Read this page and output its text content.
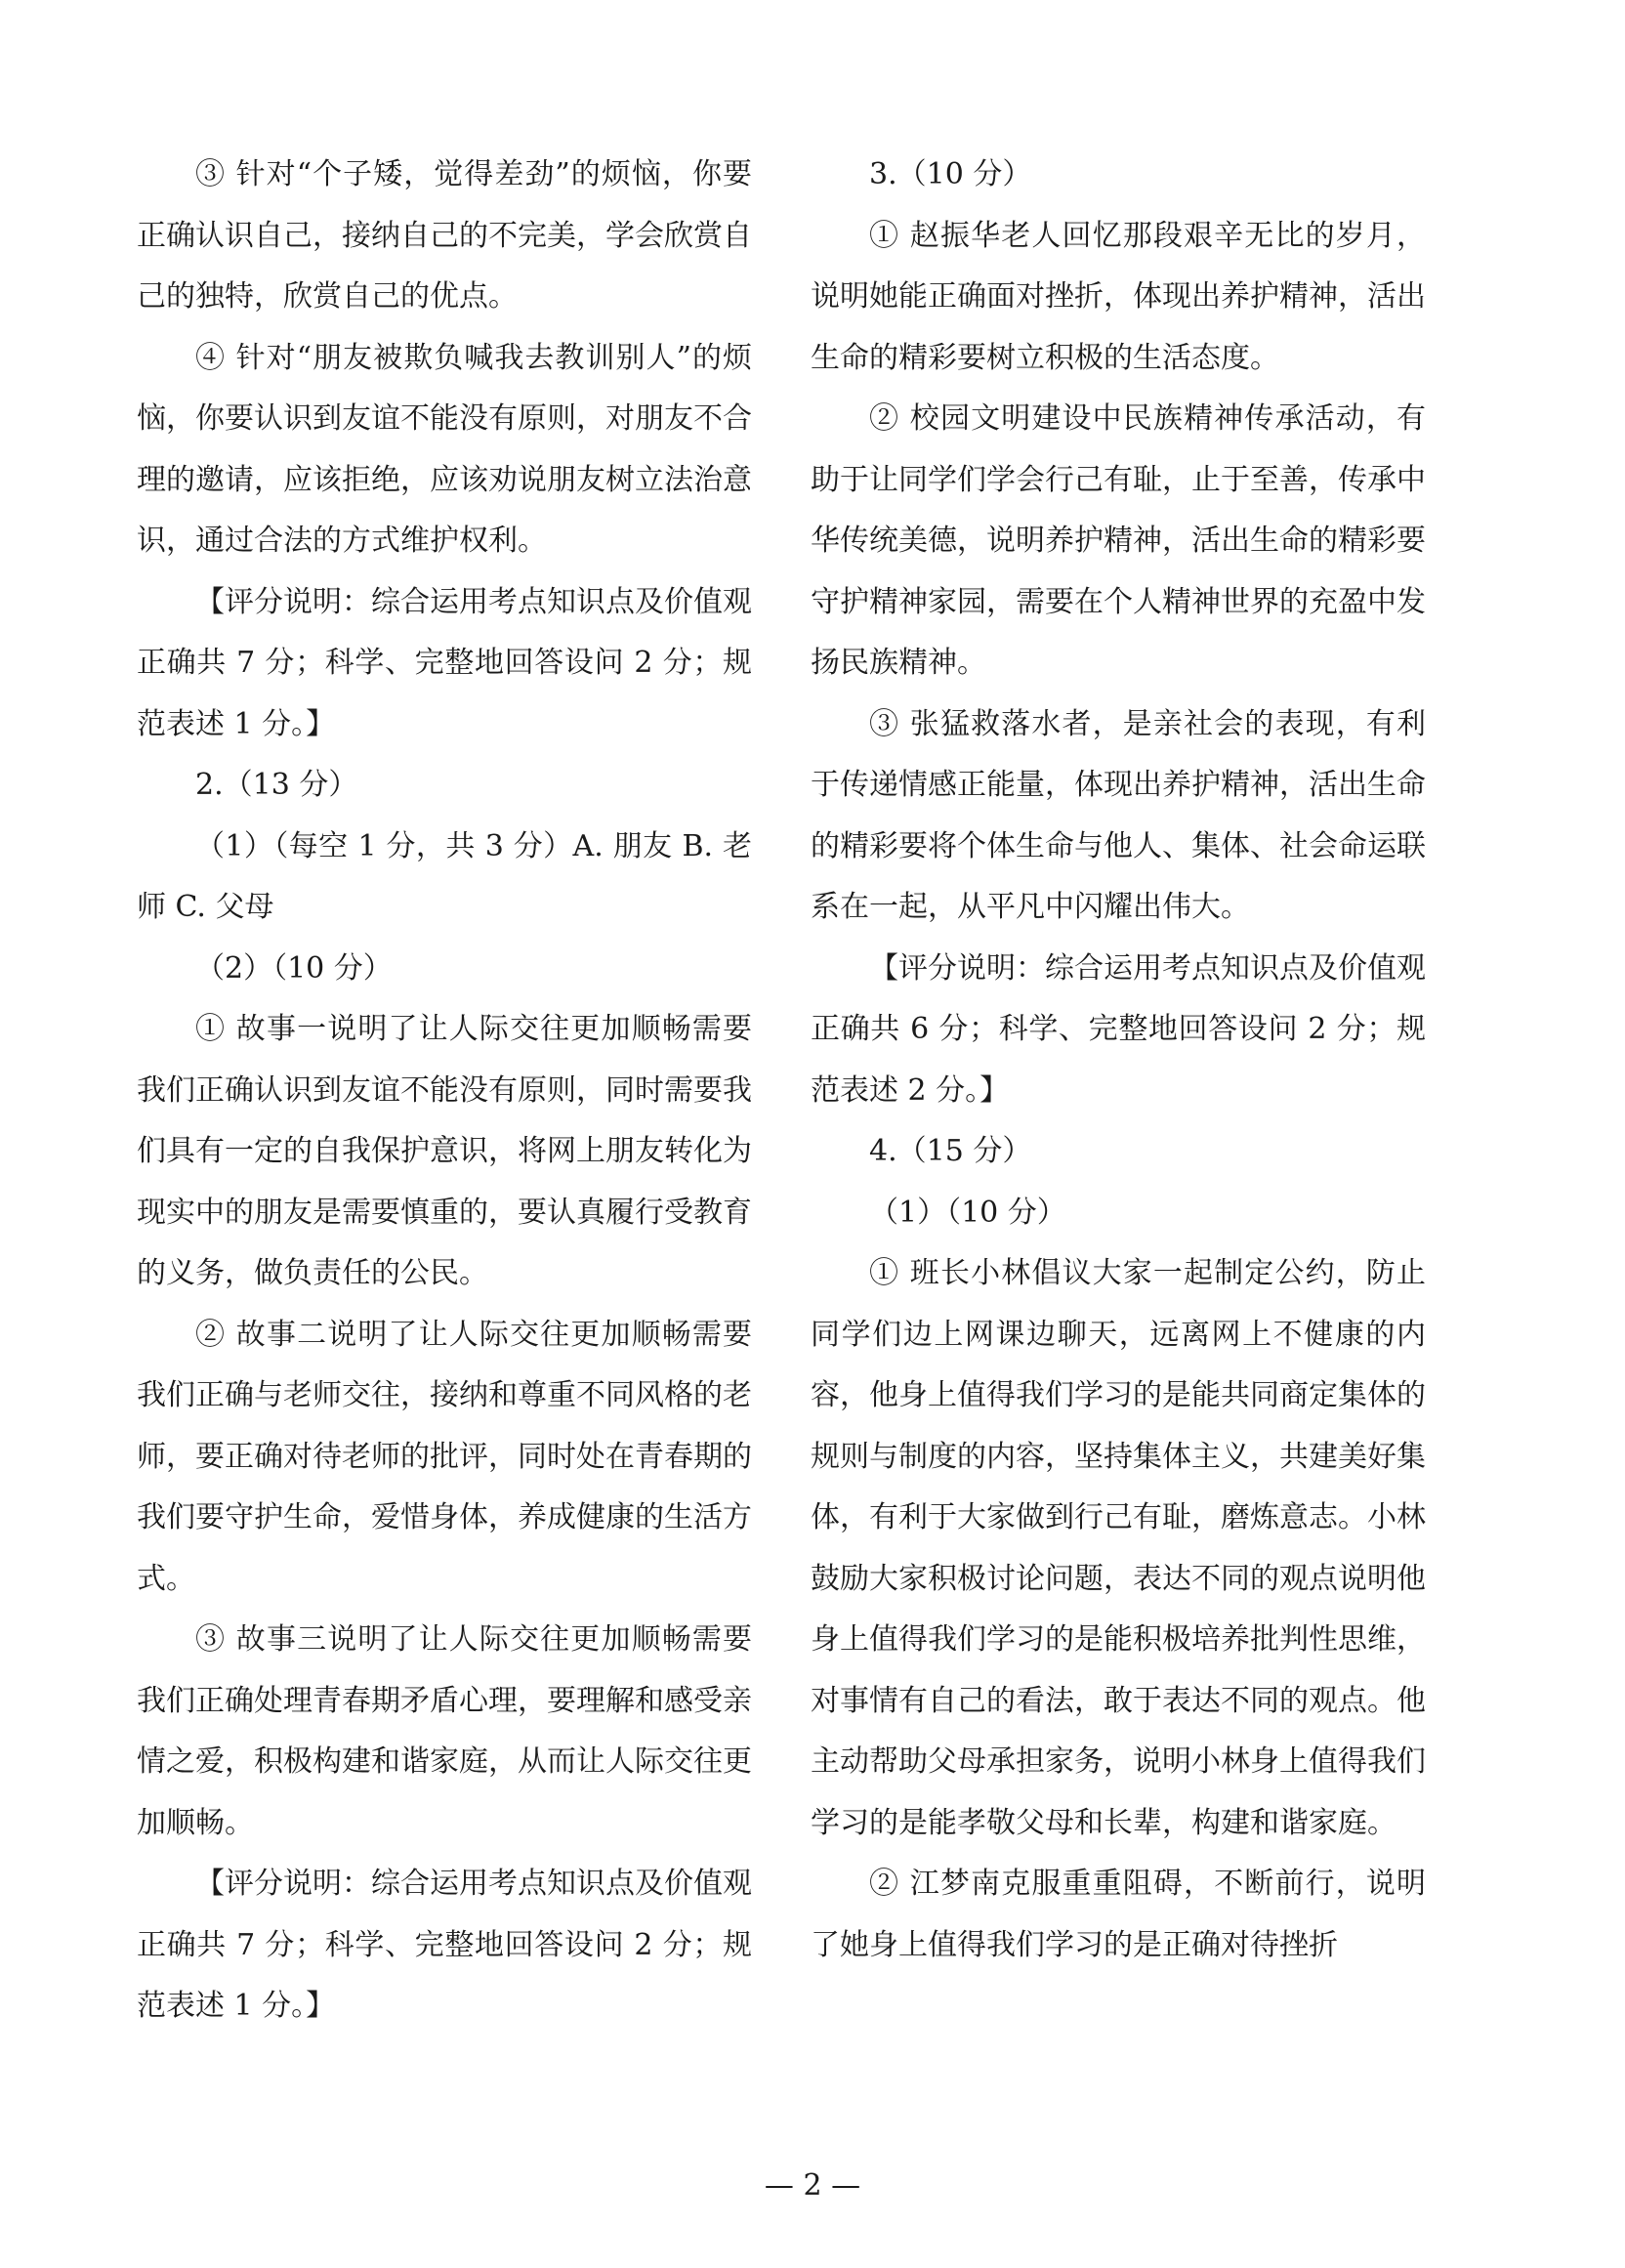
③ 针对“个子矮，觉得差劲”的烦恼，你要正确认识自己，接纳自己的不完美，学会欣赏自己的独特，欣赏自己的优点。

④ 针对“朋友被欺负喊我去教训别人”的烦恼，你要认识到友谊不能没有原则，对朋友不合理的邀请，应该拒绝，应该劝说朋友树立法治意识，通过合法的方式维护权利。

【评分说明：综合运用考点知识点及价值观正确共 7 分；科学、完整地回答设问 2 分；规范表述 1 分。】

2.（13 分）

（1）（每空 1 分，共 3 分）A. 朋友 B. 老师 C. 父母

（2）（10 分）

① 故事一说明了让人际交往更加顺畅需要我们正确认识到友谊不能没有原则，同时需要我们具有一定的自我保护意识，将网上朋友转化为现实中的朋友是需要慎重的，要认真履行受教育的义务，做负责任的公民。

② 故事二说明了让人际交往更加顺畅需要我们正确与老师交往，接纳和尊重不同风格的老师，要正确对待老师的批评，同时处在青春期的我们要守护生命，爱惜身体，养成健康的生活方式。

③ 故事三说明了让人际交往更加顺畅需要我们正确处理青春期矛盾心理，要理解和感受亲情之爱，积极构建和谐家庭，从而让人际交往更加顺畅。

【评分说明：综合运用考点知识点及价值观正确共 7 分；科学、完整地回答设问 2 分；规范表述 1 分。】

3.（10 分）

① 赵振华老人回忆那段艰辛无比的岁月，说明她能正确面对挫折，体现出养护精神，活出生命的精彩要树立积极的生活态度。

② 校园文明建设中民族精神传承活动，有助于让同学们学会行己有耻，止于至善，传承中华传统美德，说明养护精神，活出生命的精彩要守护精神家园，需要在个人精神世界的充盈中发扬民族精神。

③ 张猛救落水者，是亲社会的表现，有利于传递情感正能量，体现出养护精神，活出生命的精彩要将个体生命与他人、集体、社会命运联系在一起，从平凡中闪耀出伟大。

【评分说明：综合运用考点知识点及价值观正确共 6 分；科学、完整地回答设问 2 分；规范表述 2 分。】

4.（15 分）

（1）（10 分）

① 班长小林倡议大家一起制定公约，防止同学们边上网课边聊天，远离网上不健康的内容，他身上值得我们学习的是能共同商定集体的规则与制度的内容，坚持集体主义，共建美好集体，有利于大家做到行己有耻，磨炼意志。小林鼓励大家积极讨论问题，表达不同的观点说明他身上值得我们学习的是能积极培养批判性思维，对事情有自己的看法，敢于表达不同的观点。他主动帮助父母承担家务，说明小林身上值得我们学习的是能孝敬父母和长辈，构建和谐家庭。

② 江梦南克服重重阻碍，不断前行，说明了她身上值得我们学习的是正确对待挫折

— 2 —
